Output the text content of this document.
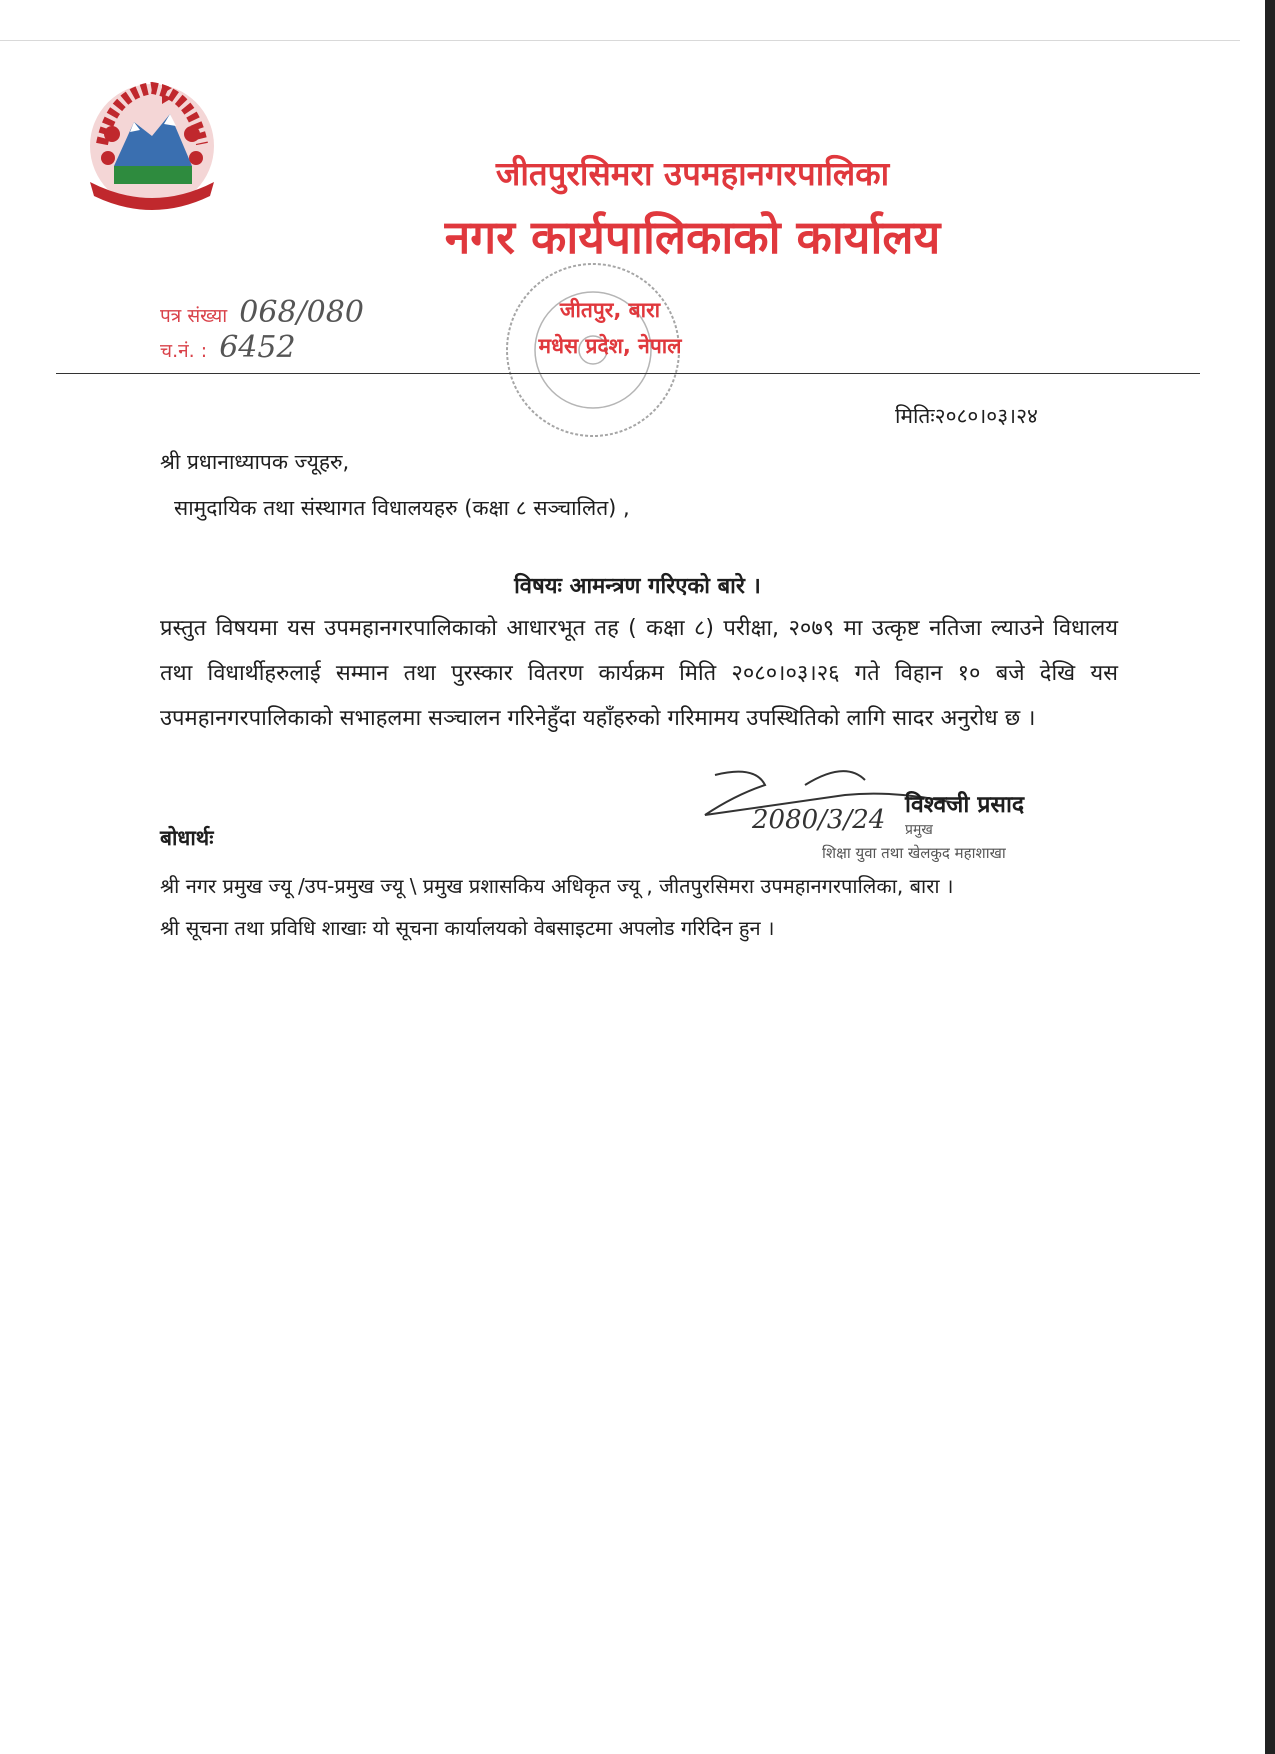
जीतपुरसिमरा उपमहानगरपालिका
नगर कार्यपालिकाको कार्यालय
पत्र संख्या 068/080
च.नं. : 6452
जीतपुर, बारा
मधेस प्रदेश, नेपाल
मितिः२०८०।०३।२४
श्री प्रधानाध्यापक ज्यूहरु,
सामुदायिक तथा संस्थागत विधालयहरु (कक्षा ८ सञ्चालित) ,
विषयः आमन्त्रण गरिएको बारे ।
प्रस्तुत विषयमा यस उपमहानगरपालिकाको आधारभूत तह ( कक्षा ८) परीक्षा, २०७९ मा उत्कृष्ट नतिजा ल्याउने विधालय तथा विधार्थीहरुलाई सम्मान तथा पुरस्कार वितरण कार्यक्रम मिति २०८०।०३।२६ गते विहान १० बजे देखि यस उपमहानगरपालिकाको सभाहलमा सञ्चालन गरिनेहुँदा यहाँहरुको गरिमामय उपस्थितिको लागि सादर अनुरोध छ ।
2080/3/24 विश्वजी प्रसाद
प्रमुख
शिक्षा युवा तथा खेलकुद महाशाखा
बोधार्थः
श्री नगर प्रमुख ज्यू /उप-प्रमुख ज्यू \ प्रमुख प्रशासकिय अधिकृत ज्यू , जीतपुरसिमरा उपमहानगरपालिका, बारा ।
श्री सूचना तथा प्रविधि शाखाः यो सूचना कार्यालयको वेबसाइटमा अपलोड गरिदिन हुन ।
